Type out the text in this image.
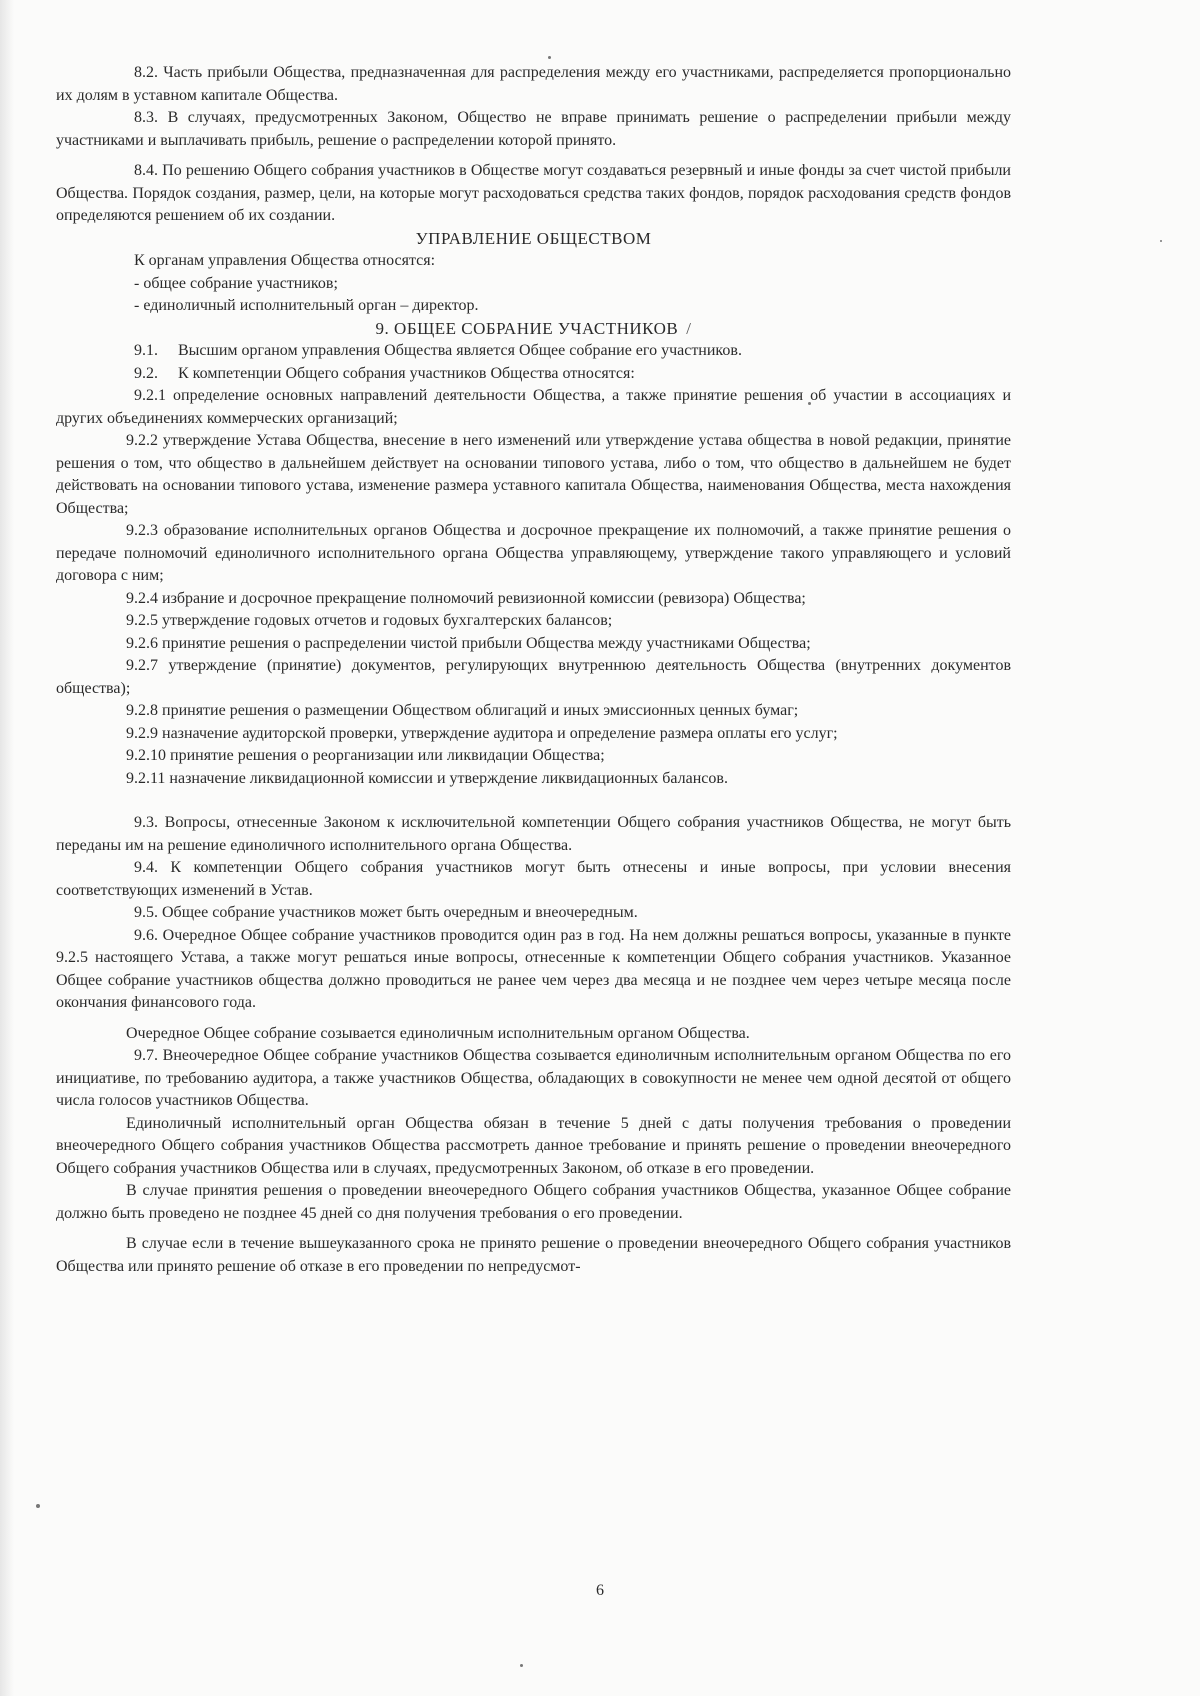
8.2. Часть прибыли Общества, предназначенная для распределения между его участниками, распределяется пропорционально их долям в уставном капитале Общества.

8.3. В случаях, предусмотренных Законом, Общество не вправе принимать решение о распределении прибыли между участниками и выплачивать прибыль, решение о распределении которой принято.

8.4. По решению Общего собрания участников в Обществе могут создаваться резервный и иные фонды за счет чистой прибыли Общества. Порядок создания, размер, цели, на которые могут расходоваться средства таких фондов, порядок расходования средств фондов определяются решением об их создании.

УПРАВЛЕНИЕ ОБЩЕСТВОМ

К органам управления Общества относятся:

- общее собрание участников;

- единоличный исполнительный орган – директор.

9. ОБЩЕЕ СОБРАНИЕ УЧАСТНИКОВ /

9.1.     Высшим органом управления Общества является Общее собрание его участников.

9.2.     К компетенции Общего собрания участников Общества относятся:

9.2.1 определение основных направлений деятельности Общества, а также принятие решения об участии в ассоциациях и других объединениях коммерческих организаций;

9.2.2 утверждение Устава Общества, внесение в него изменений или утверждение устава общества в новой редакции, принятие решения о том, что общество в дальнейшем действует на основании типового устава, либо о том, что общество в дальнейшем не будет действовать на основании типового устава, изменение размера уставного капитала Общества, наименования Общества, места нахождения Общества;

9.2.3 образование исполнительных органов Общества и досрочное прекращение их полномочий, а также принятие решения о передаче полномочий единоличного исполнительного органа Общества управляющему, утверждение такого управляющего и условий договора с ним;

9.2.4 избрание и досрочное прекращение полномочий ревизионной комиссии (ревизора) Общества;

9.2.5 утверждение годовых отчетов и годовых бухгалтерских балансов;

9.2.6 принятие решения о распределении чистой прибыли Общества между участниками Общества;

9.2.7 утверждение (принятие) документов, регулирующих внутреннюю деятельность Общества (внутренних документов общества);

9.2.8 принятие решения о размещении Обществом облигаций и иных эмиссионных ценных бумаг;

9.2.9 назначение аудиторской проверки, утверждение аудитора и определение размера оплаты его услуг;

9.2.10 принятие решения о реорганизации или ликвидации Общества;

9.2.11 назначение ликвидационной комиссии и утверждение ликвидационных балансов.

9.3. Вопросы, отнесенные Законом к исключительной компетенции Общего собрания участников Общества, не могут быть переданы им на решение единоличного исполнительного органа Общества.

9.4. К компетенции Общего собрания участников могут быть отнесены и иные вопросы, при условии внесения соответствующих изменений в Устав.

9.5. Общее собрание участников может быть очередным и внеочередным.

9.6. Очередное Общее собрание участников проводится один раз в год. На нем должны решаться вопросы, указанные в пункте 9.2.5 настоящего Устава, а также могут решаться иные вопросы, отнесенные к компетенции Общего собрания участников. Указанное Общее собрание участников общества должно проводиться не ранее чем через два месяца и не позднее чем через четыре месяца после окончания финансового года.

Очередное Общее собрание созывается единоличным исполнительным органом Общества.

9.7. Внеочередное Общее собрание участников Общества созывается единоличным исполнительным органом Общества по его инициативе, по требованию аудитора, а также участников Общества, обладающих в совокупности не менее чем одной десятой от общего числа голосов участников Общества.

Единоличный исполнительный орган Общества обязан в течение 5 дней с даты получения требования о проведении внеочередного Общего собрания участников Общества рассмотреть данное требование и принять решение о проведении внеочередного Общего собрания участников Общества или в случаях, предусмотренных Законом, об отказе в его проведении.

В случае принятия решения о проведении внеочередного Общего собрания участников Общества, указанное Общее собрание должно быть проведено не позднее 45 дней со дня получения требования о его проведении.

В случае если в течение вышеуказанного срока не принято решение о проведении внеочередного Общего собрания участников Общества или принято решение об отказе в его проведении по непредусмот-

6
